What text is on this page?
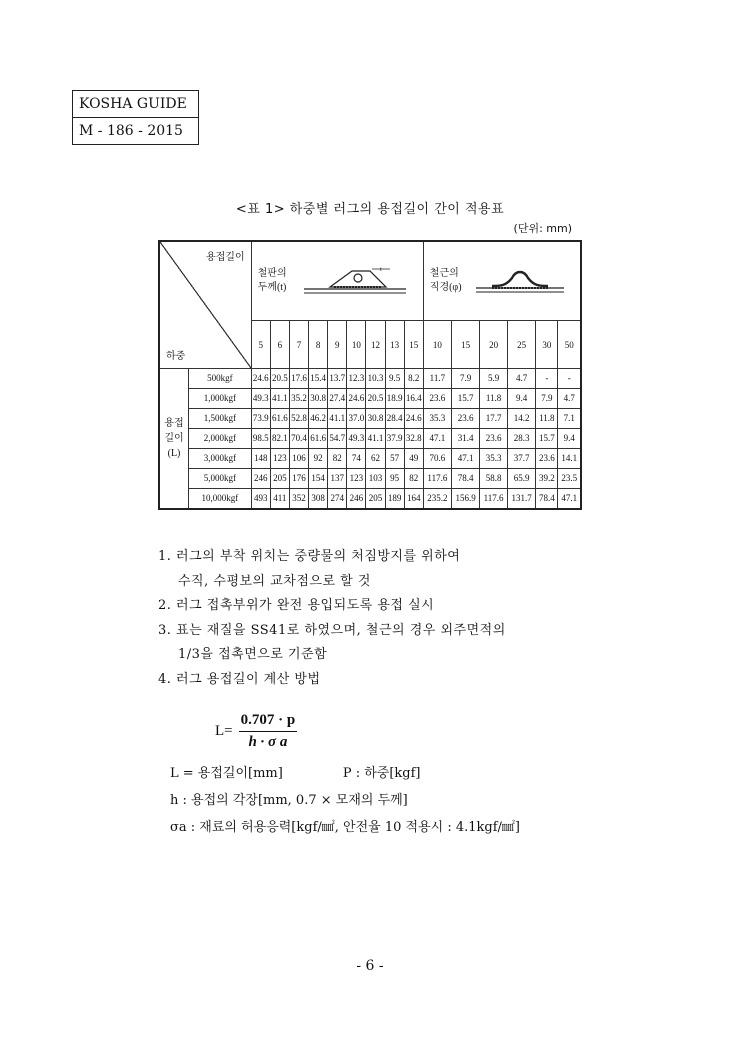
KOSHA GUIDE
M - 186 - 2015
<표 1> 하중별 러그의 용접길이 간이 적용표
(단위: mm)
용접길이
하중		철판의 두께(t)
t									철근의 직경(φ)					
		5	6	7	8	9	10	12	13	15	10	15	20	25	30	50
용접 길이 (L)	500kgf	24.6	20.5	17.6	15.4	13.7	12.3	10.3	9.5	8.2	11.7	7.9	5.9	4.7	-	-
	1,000kgf	49.3	41.1	35.2	30.8	27.4	24.6	20.5	18.9	16.4	23.6	15.7	11.8	9.4	7.9	4.7
	1,500kgf	73.9	61.6	52.8	46.2	41.1	37.0	30.8	28.4	24.6	35.3	23.6	17.7	14.2	11.8	7.1
	2,000kgf	98.5	82.1	70.4	61.6	54.7	49.3	41.1	37.9	32.8	47.1	31.4	23.6	28.3	15.7	9.4
	3,000kgf	148	123	106	92	82	74	62	57	49	70.6	47.1	35.3	37.7	23.6	14.1
	5,000kgf	246	205	176	154	137	123	103	95	82	117.6	78.4	58.8	65.9	39.2	23.5
	10,000kgf	493	411	352	308	274	246	205	189	164	235.2	156.9	117.6	131.7	78.4	47.1
1. 러그의 부착 위치는 중량물의 처짐방지를 위하여
수직, 수평보의 교차점으로 할 것
2. 러그 접촉부위가 완전 용입되도록 용접 실시
3. 표는 재질을 SS41로 하였으며, 철근의 경우 외주면적의
1/3을 접촉면으로 기준함
4. 러그 용접길이 계산 방법
$L= \frac{0.707 \cdot p}{\text{h · σ a}}$
L = 용접길이[mm]	P : 하중[kgf]
h : 용접의 각장[mm, 0.7 × 모재의 두께]
σa : 재료의 허용응력[kgf/㎟, 안전율 10 적용시 : 4.1kgf/㎟]
- 6 -
